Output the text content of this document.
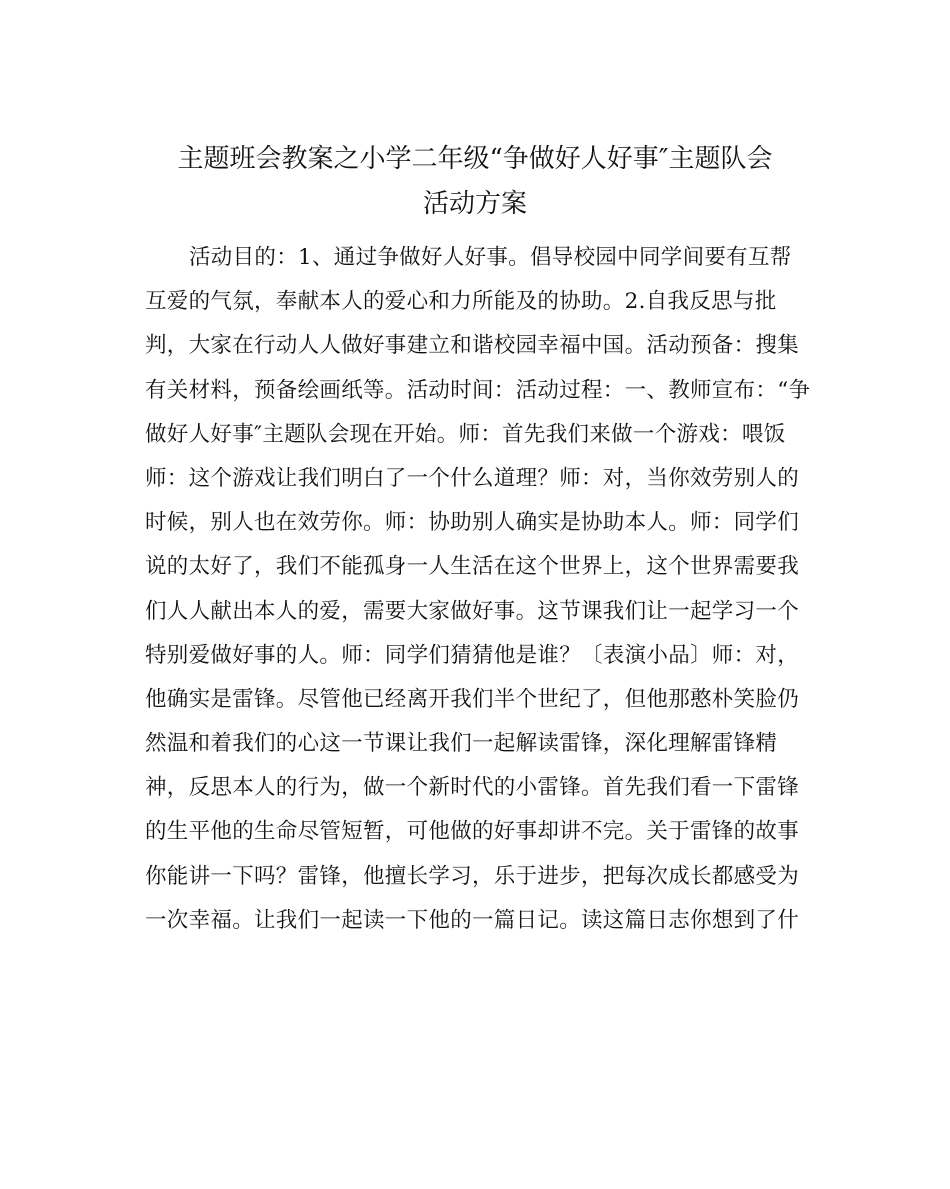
主题班会教案之小学二年级“争做好人好事″主题队会
活动方案
活动目的：1、通过争做好人好事。倡导校园中同学间要有互帮
互爱的气氛，奉献本人的爱心和力所能及的协助。2.自我反思与批
判，大家在行动人人做好事建立和谐校园幸福中国。活动预备：搜集
有关材料，预备绘画纸等。活动时间：活动过程：一、教师宣布：“争
做好人好事″主题队会现在开始。师：首先我们来做一个游戏：喂饭
师：这个游戏让我们明白了一个什么道理？师：对，当你效劳别人的
时候，别人也在效劳你。师：协助别人确实是协助本人。师：同学们
说的太好了，我们不能孤身一人生活在这个世界上，这个世界需要我
们人人献出本人的爱，需要大家做好事。这节课我们让一起学习一个
特别爱做好事的人。师：同学们猜猜他是谁？〔表演小品〕师：对，
他确实是雷锋。尽管他已经离开我们半个世纪了，但他那憨朴笑脸仍
然温和着我们的心这一节课让我们一起解读雷锋，深化理解雷锋精
神，反思本人的行为，做一个新时代的小雷锋。首先我们看一下雷锋
的生平他的生命尽管短暂，可他做的好事却讲不完。关于雷锋的故事
你能讲一下吗？雷锋，他擅长学习，乐于进步，把每次成长都感受为
一次幸福。让我们一起读一下他的一篇日记。读这篇日志你想到了什
